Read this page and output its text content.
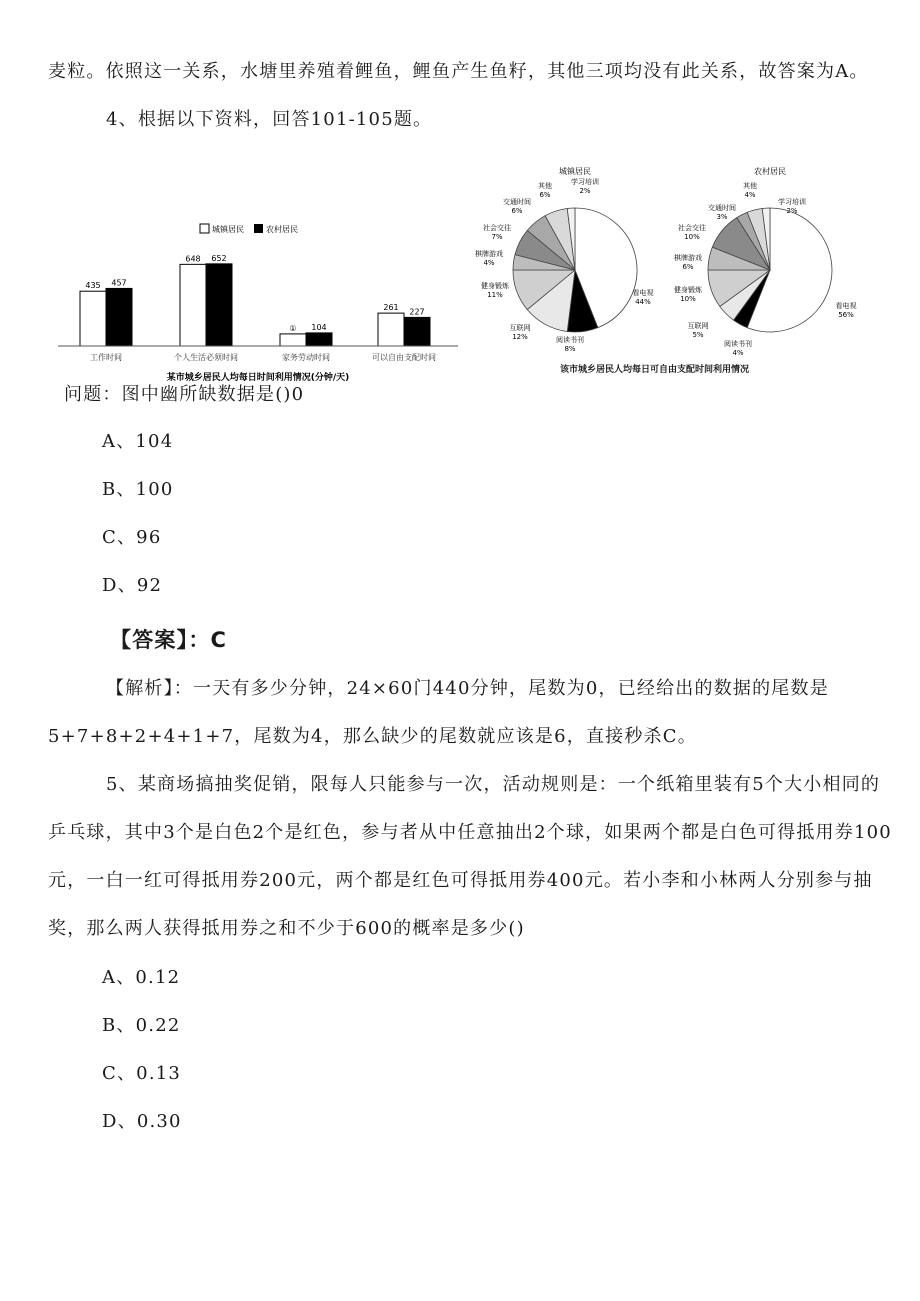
麦粒。依照这一关系，水塘里养殖着鲤鱼，鲤鱼产生鱼籽，其他三项均没有此关系，故答案为A。
4、根据以下资料，回答101-105题。
城镇居民	农村居民
435 457
工作时间
648 652
个人生活必须时间
① 104
家务劳动时间
261 227
可以自由支配时间
某市城乡居民人均每日时间利用情况(分钟/天)
城镇居民
看电视 44%
阅读书刊 8%
互联网 12%
健身锻炼 11%
棋牌游戏 4%
社会交往 7%
交通时间 6%
其他 6%
学习培训 2%
农村居民
看电视 56%
阅读书刊 4%
互联网 5%
健身锻炼 10%
棋牌游戏 6%
社会交往 10%
交通时间 3%
其他 4%
学习培训 2%
该市城乡居民人均每日可自由支配时间利用情况
问题：图中幽所缺数据是()0
A、104
B、100
C、96
D、92
【答案】：C
【解析】：一天有多少分钟，24×60门440分钟，尾数为0，已经给出的数据的尾数是
5+7+8+2+4+1+7，尾数为4，那么缺少的尾数就应该是6，直接秒杀C。
5、某商场搞抽奖促销，限每人只能参与一次，活动规则是：一个纸箱里装有5个大小相同的
乒乓球，其中3个是白色2个是红色，参与者从中任意抽出2个球，如果两个都是白色可得抵用券100
元，一白一红可得抵用券200元，两个都是红色可得抵用券400元。若小李和小林两人分别参与抽
奖，那么两人获得抵用券之和不少于600的概率是多少()
A、0.12
B、0.22
C、0.13
D、0.30
